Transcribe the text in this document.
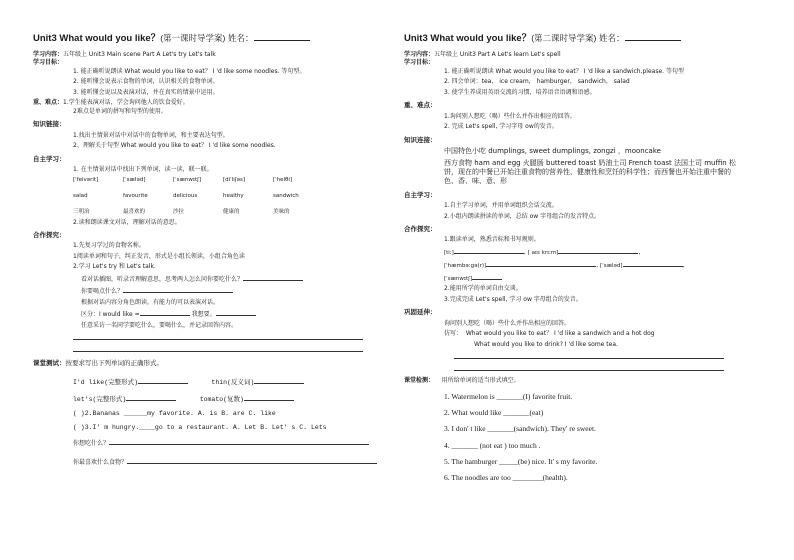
Unit3 What would you like？(第一课时导学案) 姓名：
学习内容：五年级上 Unit3 Main scene Part A Let's try Let's talk
学习目标：
1. 能正确听说朗读 What would you like to eat？ I 'd like some noodles. 等句型。
2. 能听懂会说表示食物的单词，认识相关的食物单词。
3. 能听懂会说以及表演对话，并在真实的情景中运用。
重、难点：1.学生能表演对话，学会询问他人的饮食爱好。
2难点是单词的拼写和句型的使用。
知识链接：
1.找出主情景对话中对话中的食物单词，和主要表达句型。
2、理解关于句型 What would you like to eat？ I 'd like some noodles.
自主学习：
1. 在主情景对话中找出下列单词，读一读，联一联。
[ˈfeivərit]	[ˈsæləd]	[ˈsænwɪtʃ]	[diˈliʃəs]	[ˈhelθi]
salad	favourite	delicious	healthy	sandwich
三明治	最喜欢的	沙拉	健康的	美味的
2.读和朗读课文对话，理解对话的意思。
合作探究：
1.先复习学过的食物名称。
1阅读单词和句子，纠正发音，形式是小组长领读，小组合角色读
2.学习 Let's try 和 Let's talk.
看对话插图，听录音理解意思，思考两人怎么问你要吃什么？
你要喝点什么？
根据对话内容分角色朗读，有能力的可以表演对话。
区分：I would like =	我想要。
任意采访一名同学要吃什么，要喝什么，并记录回答内容。
课堂测试：按要求写出下列单词的正确形式。
I'd like(完整形式)	thin(反义词)
let's(完整形式)	tomato(复数)
( )2.Bananas ______my favorite. A. is B. are C. like
( )3.I' m hungry.____go to a restaurant. A. Let B. Let' s C. Lets
你想吃什么？
你最喜欢什么食物？
Unit3 What would you like？(第二课时导学案) 姓名：
学习内容：五年级上 Unit3 Part A Let's learn Let's spell
学习目标：
1. 能正确听说朗读 What would you like to eat？ I 'd like a sandwich,please. 等句型
2. 四会单词：tea， ice cream， hamburger， sandwich， salad
3. 使学生养成用英语交流的习惯，培养语音语调和语感。
重、难点：
1.询问别人想吃（喝）些什么并作出相应的回答。
2. 完成 Let's spell, 学习字母 ow的发音。
知识连接：
中国特色小吃 dumplings, sweet dumplings, zongzi ，mooncake
西方食物 ham and egg 火腿肠 buttered toast 奶油土司 French toast 法国土司 muffin 松饼，现在的中餐已开始注重食物的营养性、健康性和烹饪的科学性；而西餐也开始注重中餐的色、香、味、意、形
自主学习：
1.自主学习单词，并用单词组织会话交流。
2.小组内朗读拼读的单词，总结 ow 字母组合的发音特点。
合作探究：
1.跟读单词，熟悉音标和书写规则。
[tiː]	, [ aɪs krɪːm]	,
[ˈhæmbəːgə(r)]	, [ˈsæləd]	,
[ˈsænwɪtʃ]
2.能用所学的单词自由交谈。
3.完成完成 Let's spell, 学习 ow 字母组合的发音。
巩固延伸：
询问别人想吃（喝）些什么并作出相应的回答。
仿写： What would you like to eat？ I 'd like a sandwich and a hot dog
What would you like to drink? I 'd like some tea.
课堂检测： 用所给单词的适当形式填空。
1. Watermelon is _______(I) favorite fruit.
2. What would like _______(eat)
3. I don' t like _______(sandwich). They' re sweet.
4. _______ (not eat ) too much .
5. The hamburger _____(be) nice. It' s my favorite.
6. The noodles are too ________(health).
